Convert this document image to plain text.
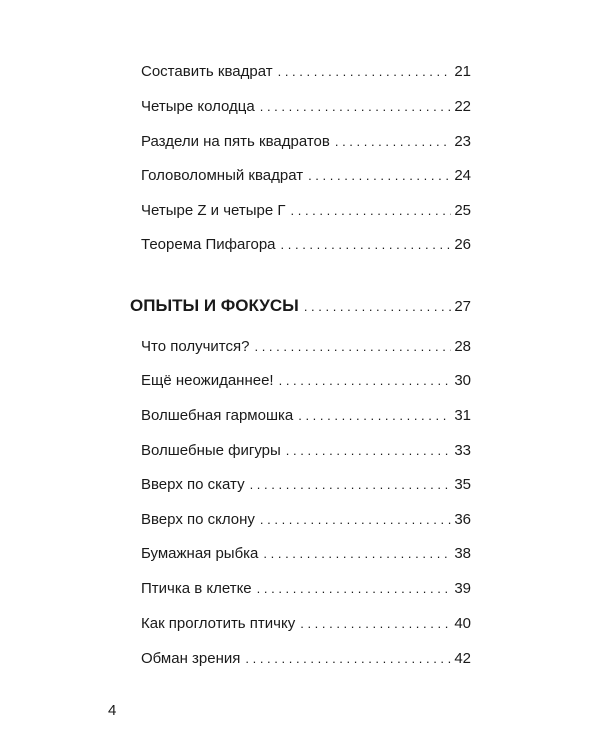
Составить квадрат . . .	21
Четыре колодца . . .	22
Раздели на пять квадратов . . .	23
Головоломный квадрат . . .	24
Четыре Z и четыре Г . . .	25
Теорема Пифагора . . .	26
ОПЫТЫ И ФОКУСЫ . . .	27
Что получится? . . .	28
Ещё неожиданнее! . . .	30
Волшебная гармошка . . .	31
Волшебные фигуры . . .	33
Вверх по скату . . .	35
Вверх по склону . . .	36
Бумажная рыбка . . .	38
Птичка в клетке . . .	39
Как проглотить птичку . . .	40
Обман зрения . . .	42
4
